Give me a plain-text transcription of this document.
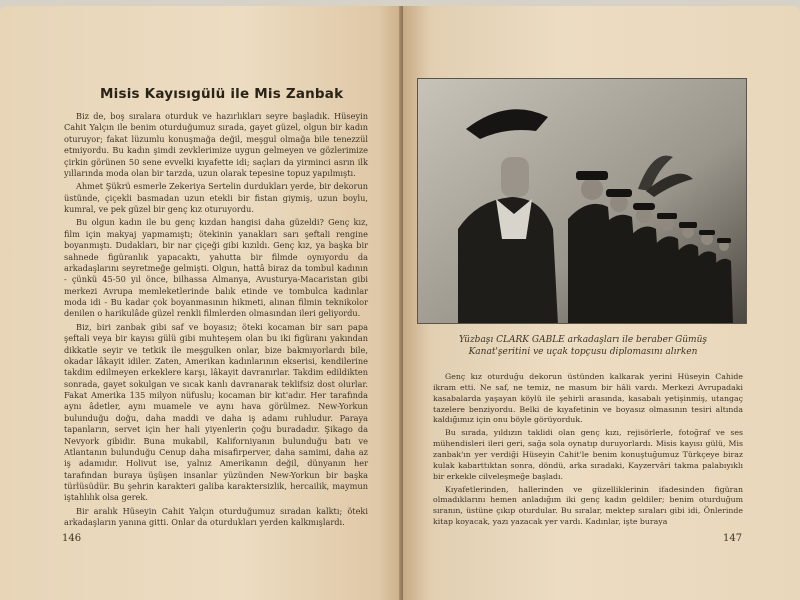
Misis Kayısıgülü ile Mis Zanbak

Biz de, boş sıralara oturduk ve hazırlıkları seyre başladık. Hüseyin Cahit Yalçın ile benim oturduğumuz sırada, gayet güzel, olgun bir kadın oturuyor; fakat lüzumlu konuşmağa değil, meşgul olmağa bile tenezzül etmiyordu. Bu kadın şimdi zevklerimize uygun gelmeyen ve gözlerimize çirkin görünen 50 sene evvelki kıyafette idi; saçları da yirminci asrın ilk yıllarında moda olan bir tarzda, uzun olarak tepesine topuz yapılmıştı.

Ahmet Şükrü esmerle Zekeriya Sertelin durdukları yerde, bir dekorun üstünde, çiçekli basmadan uzun etekli bir fistan giymiş, uzun boylu, kumral, ve pek güzel bir genç kız oturuyordu.

Bu olgun kadın ile bu genç kızdan hangisi daha güzeldi? Genç kız, film için makyaj yapmamıştı; ötekinin yanakları sarı şeftali rengine boyanmıştı. Dudakları, bir nar çiçeği gibi kızıldı. Genç kız, ya başka bir sahnede figüranlık yapacaktı, yahutta bir filmde oynıyordu da arkadaşlarını seyretmeğe gelmişti. Olgun, hattâ biraz da tombul kadının - çünkü 45-50 yıl önce, bilhassa Almanya, Avusturya-Macaristan gibi merkezi Avrupa memleketlerinde balık etinde ve tombulca kadınlar moda idi - Bu kadar çok boyanmasının hikmeti, alınan filmin teknikolor denilen o harikulâde güzel renkli filmlerden olmasından ileri geliyordu.

Biz, biri zanbak gibi saf ve boyasız; öteki kocaman bir sarı papa şeftali veya bir kayısı gülü gibi muhteşem olan bu iki figüranı yakından dikkatle seyir ve tetkik ile meşgulken onlar, bize bakmıyorlardı bile, okadar lâkayit idiler. Zaten, Amerikan kadınlarının ekserisi, kendilerine takdim edilmeyen erkeklere karşı, lâkayit davranırlar. Takdim edildikten sonrada, gayet sokulgan ve sıcak kanlı davranarak teklifsiz dost olurlar. Fakat Amerika 135 milyon nüfuslu; kocaman bir kıt'adır. Her tarafında aynı âdetler, aynı muamele ve aynı hava görülmez. New-Yorkun bulunduğu doğu, daha maddi ve daha iş adamı ruhludur. Paraya tapanların, servet için her hali yiyenlerin çoğu buradadır. Şikago da Nevyork gibidir. Buna mukabil, Kaliforniyanın bulunduğu batı ve Atlantanın bulunduğu Cenup daha misafirperver, daha samimi, daha az iş adamıdır. Holivut ise, yalnız Amerikanın değil, dünyanın her tarafından buraya üşüşen insanlar yüzünden New-Yorkun bir başka türlüsüdür. Bu şehrin karakteri galiba karaktersizlik, hercailik, maymun iştahlılık olsa gerek.

Bir aralık Hüseyin Cahit Yalçın oturduğumuz sıradan kalktı; öteki arkadaşların yanına gitti. Onlar da oturdukları yerden kalkmışlardı.

146
Yüzbaşı CLARK GABLE arkadaşları ile beraber Gümüş Kanat'şeritini ve uçak topçusu diplomasını alırken

Genç kız oturduğu dekorun üstünden kalkarak yerini Hüseyin Cahide ikram etti. Ne saf, ne temiz, ne masum bir hâli vardı. Merkezi Avrupadaki kasabalarda yaşayan köylü ile şehirli arasında, kasabalı yetişinmiş, utangaç tazelere benziyordu. Belki de kıyafetinin ve boyasız olmasının tesiri altında kaldığımız için onu böyle görüyorduk.

Bu sırada, yıldızın taklidi olan genç kızı, rejisörlerle, fotoğraf ve ses mühendisleri ileri geri, sağa sola oynatıp duruyorlardı. Misis kayısı gülü, Mis zanbak'ın yer verdiği Hüseyin Cahit'le benim konuştuğumuz Türkçeye biraz kulak kabarttıktan sonra, döndü, arka sıradaki, Kayzervâri takma palabıyıklı bir erkekle cilveleşmeğe başladı.

Kıyafetlerinden, hallerinden ve güzelliklerinin ifadesinden figüran olmadıklarını hemen anladığım iki genç kadın geldiler; benim oturduğum sıranın, üstüne çıkıp oturdular. Bu sıralar, mektep sıraları gibi idi, Önlerinde kitap koyacak, yazı yazacak yer vardı. Kadınlar, işte buraya

147
